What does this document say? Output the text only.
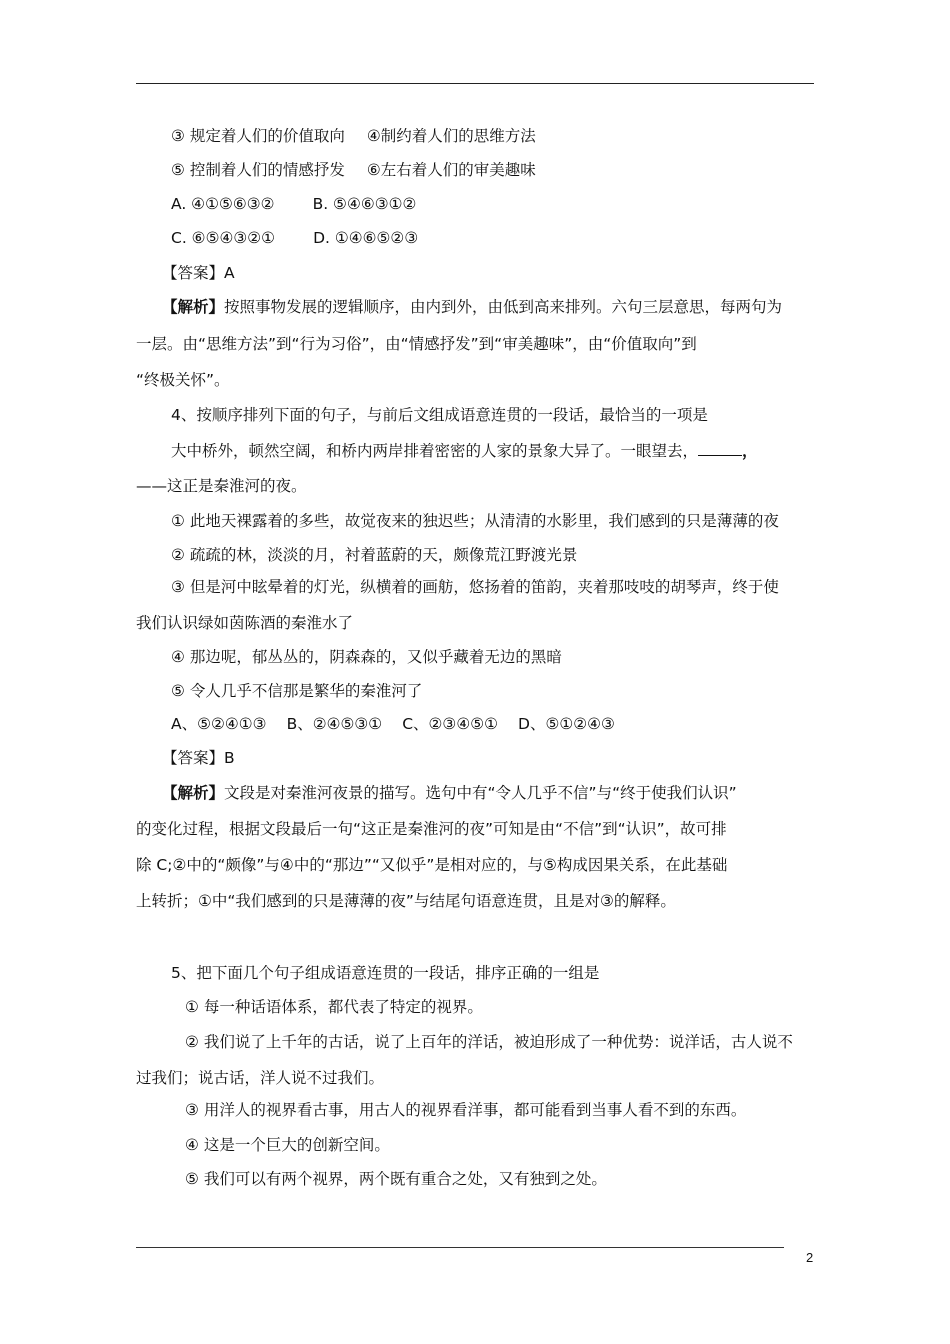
③ 规定着人们的价值取向 ④制约着人们的思维方法
⑤ 控制着人们的情感抒发 ⑥左右着人们的审美趣味
A. ④①⑤⑥③② B. ⑤④⑥③①②
C. ⑥⑤④③②① D. ①④⑥⑤②③
【答案】A
【解析】按照事物发展的逻辑顺序，由内到外，由低到高来排列。六句三层意思，每两句为
一层。由“思维方法”到“行为习俗”，由“情感抒发”到“审美趣味”，由“价值取向”到
“终极关怀”。
4、按顺序排列下面的句子，与前后文组成语意连贯的一段话，最恰当的一项是
大中桥外，顿然空阔，和桥内两岸排着密密的人家的景象大异了。一眼望去，	，
——这正是秦淮河的夜。
① 此地天裸露着的多些，故觉夜来的独迟些；从清清的水影里，我们感到的只是薄薄的夜
② 疏疏的林，淡淡的月，衬着蓝蔚的天，颇像荒江野渡光景
③ 但是河中眩晕着的灯光，纵横着的画舫，悠扬着的笛韵，夹着那吱吱的胡琴声，终于使
我们认识绿如茵陈酒的秦淮水了
④ 那边呢，郁丛丛的，阴森森的，又似乎藏着无边的黑暗
⑤ 令人几乎不信那是繁华的秦淮河了
A、⑤②④①③ B、②④⑤③① C、②③④⑤① D、⑤①②④③
【答案】B
【解析】文段是对秦淮河夜景的描写。选句中有“令人几乎不信”与“终于使我们认识”
的变化过程，根据文段最后一句“这正是秦淮河的夜”可知是由“不信”到“认识”，故可排
除 C;②中的“颇像”与④中的“那边”“又似乎”是相对应的，与⑤构成因果关系，在此基础
上转折；①中“我们感到的只是薄薄的夜”与结尾句语意连贯，且是对③的解释。
5、把下面几个句子组成语意连贯的一段话，排序正确的一组是
① 每一种话语体系，都代表了特定的视界。
② 我们说了上千年的古话，说了上百年的洋话，被迫形成了一种优势：说洋话，古人说不
过我们；说古话，洋人说不过我们。
③ 用洋人的视界看古事，用古人的视界看洋事，都可能看到当事人看不到的东西。
④ 这是一个巨大的创新空间。
⑤ 我们可以有两个视界，两个既有重合之处，又有独到之处。
2
